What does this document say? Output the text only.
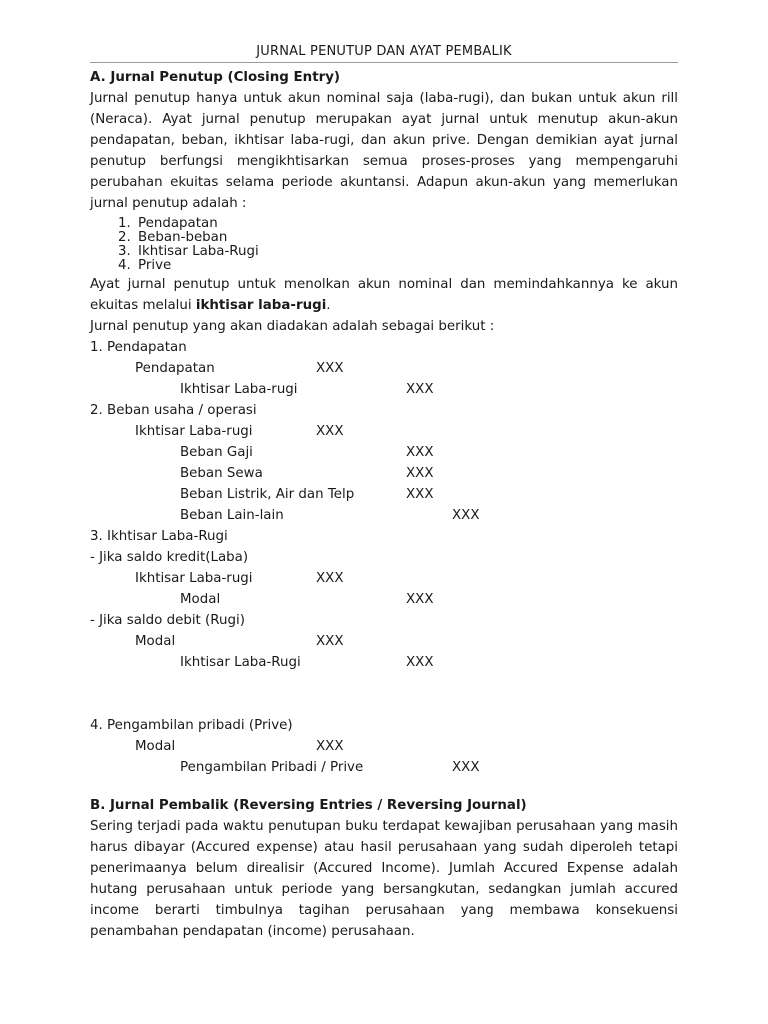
JURNAL PENUTUP DAN AYAT PEMBALIK
A. Jurnal Penutup (Closing Entry)
Jurnal penutup hanya untuk akun nominal saja (laba-rugi), dan bukan untuk akun rill (Neraca). Ayat jurnal penutup merupakan ayat jurnal untuk menutup akun-akun pendapatan, beban, ikhtisar laba-rugi, dan akun prive. Dengan demikian ayat jurnal penutup berfungsi mengikhtisarkan semua proses-proses yang mempengaruhi perubahan ekuitas selama periode akuntansi. Adapun akun-akun yang memerlukan jurnal penutup adalah :
1. Pendapatan
2. Beban-beban
3. Ikhtisar Laba-Rugi
4. Prive
Ayat jurnal penutup untuk menolkan akun nominal dan memindahkannya ke akun ekuitas melalui ikhtisar laba-rugi.
Jurnal penutup yang akan diadakan adalah sebagai berikut :
1. Pendapatan
Pendapatan	XXX
Ikhtisar Laba-rugi	XXX
2. Beban usaha / operasi
Ikhtisar Laba-rugi	XXX
Beban Gaji	XXX
Beban Sewa	XXX
Beban Listrik, Air dan Telp	XXX
Beban Lain-lain	XXX
3. Ikhtisar Laba-Rugi
- Jika saldo kredit(Laba)
Ikhtisar Laba-rugi	XXX
Modal	XXX
- Jika saldo debit (Rugi)
Modal	XXX
Ikhtisar Laba-Rugi	XXX
4. Pengambilan pribadi (Prive)
Modal	XXX
Pengambilan Pribadi / Prive	XXX
B. Jurnal Pembalik (Reversing Entries / Reversing Journal)
Sering terjadi pada waktu penutupan buku terdapat kewajiban perusahaan yang masih harus dibayar (Accured expense) atau hasil perusahaan yang sudah diperoleh tetapi penerimaanya belum direalisir (Accured Income). Jumlah Accured Expense adalah hutang perusahaan untuk periode yang bersangkutan, sedangkan jumlah accured income berarti timbulnya tagihan perusahaan yang membawa konsekuensi penambahan pendapatan (income) perusahaan.
